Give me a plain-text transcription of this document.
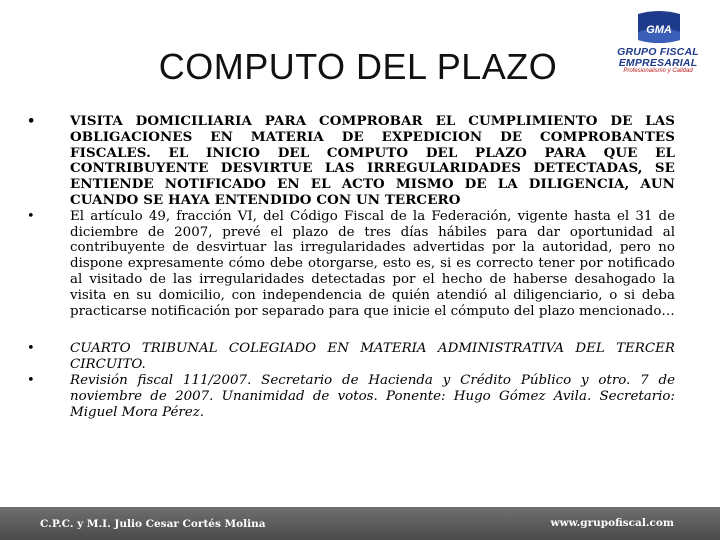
COMPUTO DEL PLAZO
GMA
GRUPO FISCAL
EMPRESARIAL
Profesionalismo y Calidad
•	VISITA DOMICILIARIA PARA COMPROBAR EL CUMPLIMIENTO DE LAS OBLIGACIONES EN MATERIA DE EXPEDICION DE COMPROBANTES FISCALES. EL INICIO DEL COMPUTO DEL PLAZO PARA QUE EL CONTRIBUYENTE DESVIRTUE LAS IRREGULARIDADES DETECTADAS, SE ENTIENDE NOTIFICADO EN EL ACTO MISMO DE LA DILIGENCIA, AUN CUANDO SE HAYA ENTENDIDO CON UN TERCERO
•	El artículo 49, fracción VI, del Código Fiscal de la Federación, vigente hasta el 31 de diciembre de 2007, prevé el plazo de tres días hábiles para dar oportunidad al contribuyente de desvirtuar las irregularidades advertidas por la autoridad, pero no dispone expresamente cómo debe otorgarse, esto es, si es correcto tener por notificado al visitado de las irregularidades detectadas por el hecho de haberse desahogado la visita en su domicilio, con independencia de quién atendió al diligenciario, o si deba practicarse notificación por separado para que inicie el cómputo del plazo mencionado…
•	CUARTO TRIBUNAL COLEGIADO EN MATERIA ADMINISTRATIVA DEL TERCER CIRCUITO.
•	Revisión fiscal 111/2007. Secretario de Hacienda y Crédito Público y otro. 7 de noviembre de 2007. Unanimidad de votos. Ponente: Hugo Gómez Avila. Secretario: Miguel Mora Pérez.
C.P.C. y M.I. Julio Cesar Cortés Molina	www.grupofiscal.com
